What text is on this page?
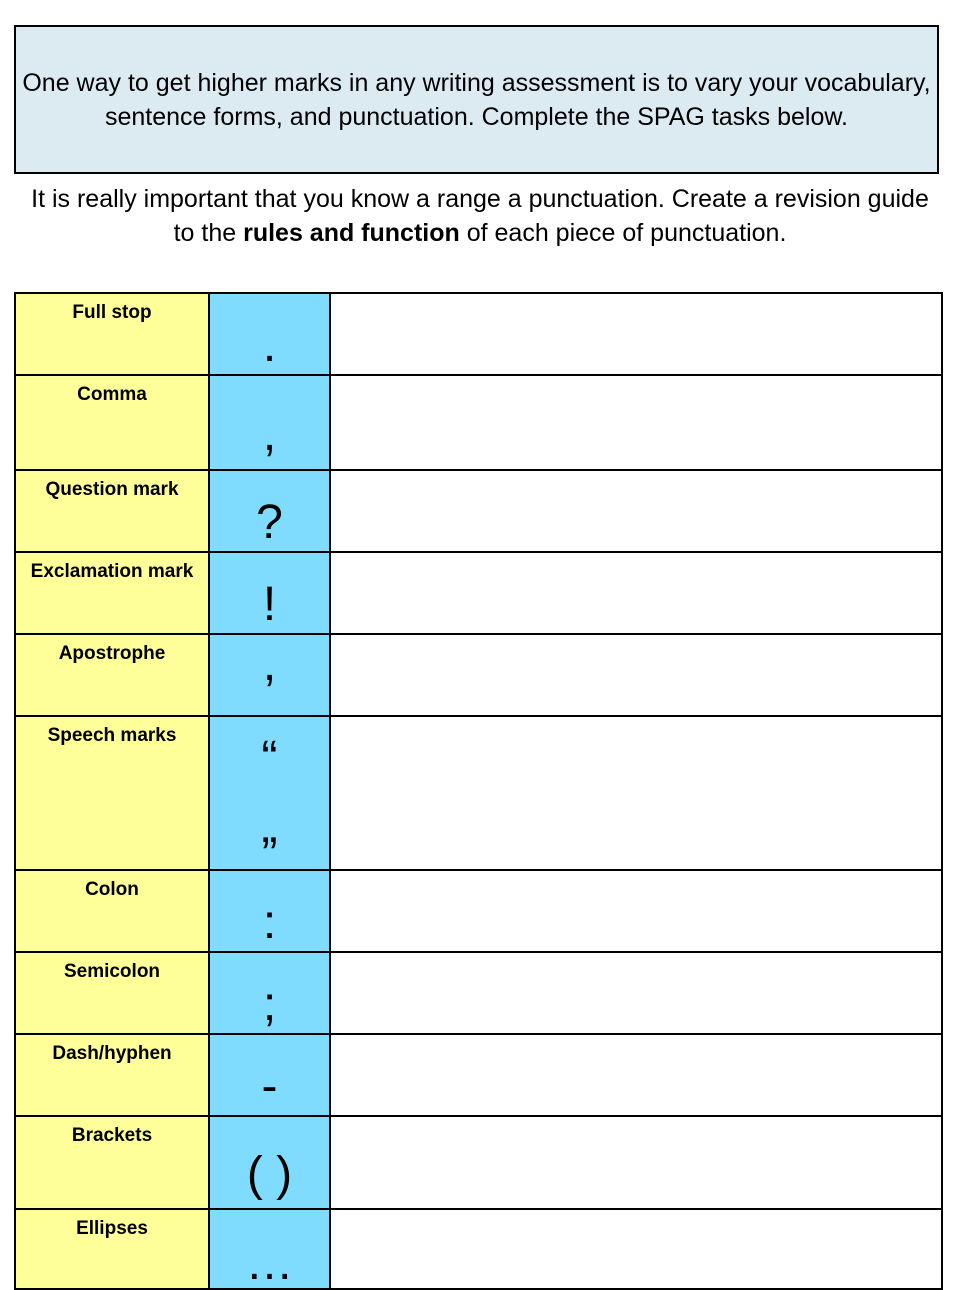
One way to get higher marks in any writing assessment is to vary your vocabulary, sentence forms, and punctuation. Complete the SPAG tasks below.
It is really important that you know a range a punctuation. Create a revision guide to the rules and function of each piece of punctuation.
Full stop	.	

Comma	,	

Question mark	?	

Exclamation mark	!	

Apostrophe	,	

Speech marks	“
„	

Colon	:	

Semicolon	;	

Dash/hyphen	-	

Brackets	( )	

Ellipses	…	
